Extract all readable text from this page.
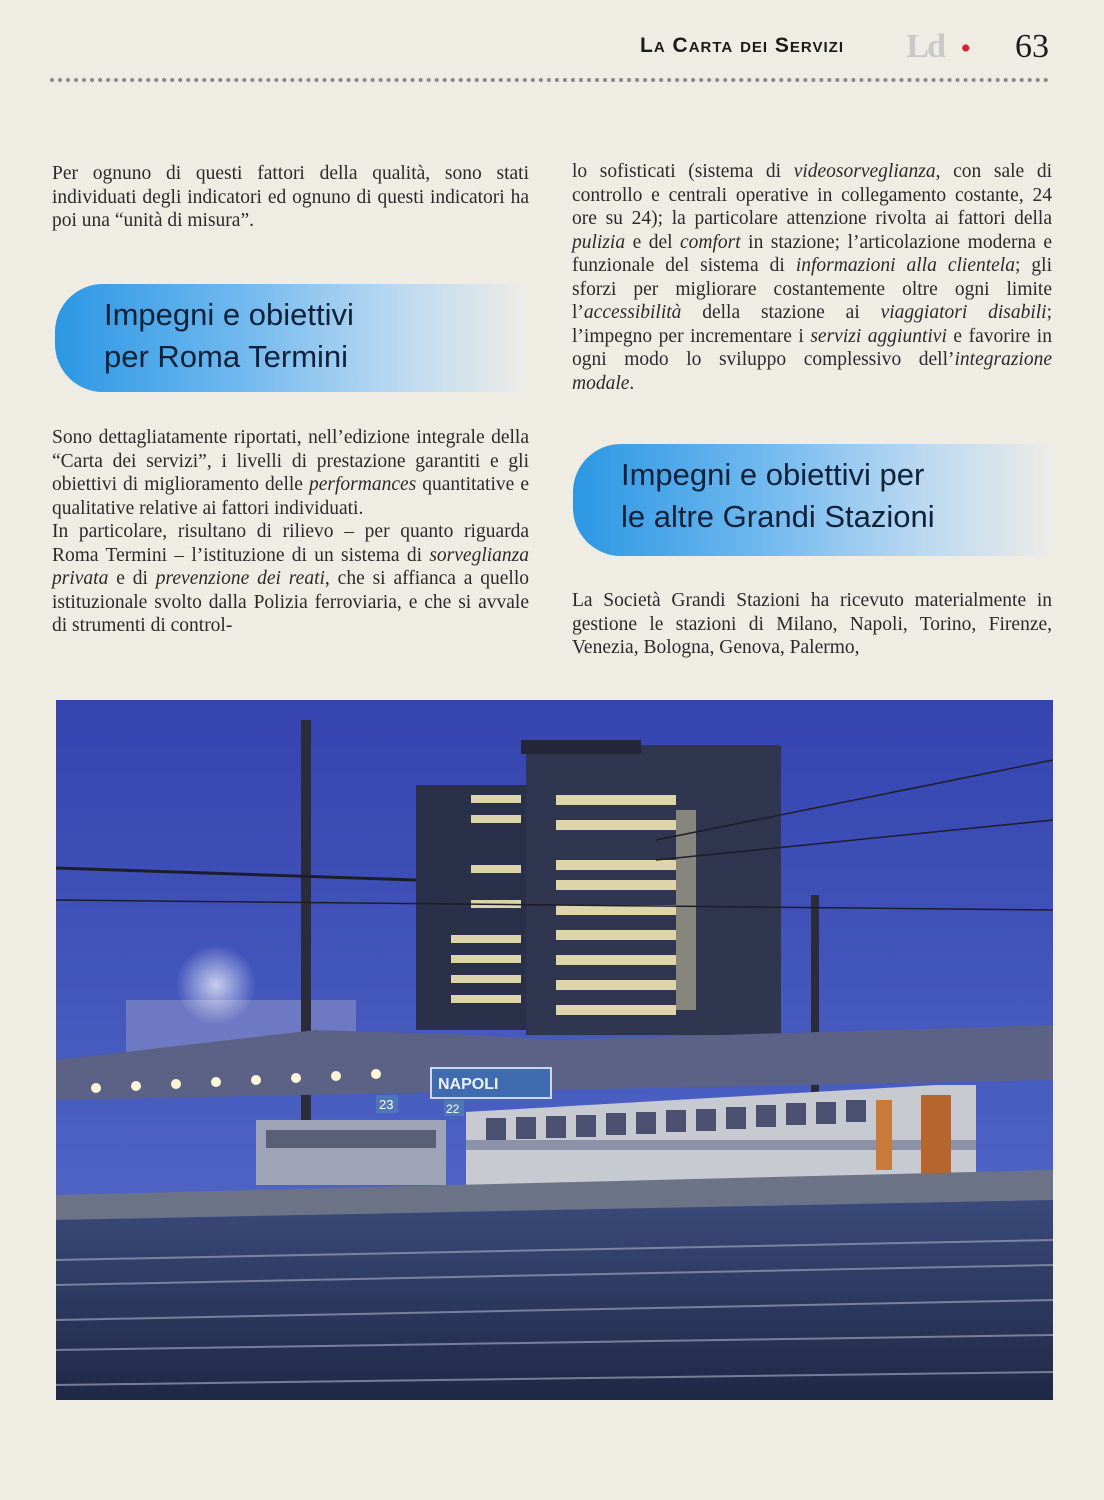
La Carta dei Servizi Ld • 63

Per ognuno di questi fattori della qualità, sono stati individuati degli indicatori ed ognuno di questi indicatori ha poi una “unità di misura”.

Impegni e obiettivi
per Roma Termini

Sono dettagliatamente riportati, nell’edizione integrale della “Carta dei servizi”, i livelli di prestazione garantiti e gli obiettivi di miglioramento delle performances quantitative e qualitative relative ai fattori individuati.

In particolare, risultano di rilievo – per quanto riguarda Roma Termini – l’istituzione di un sistema di sorveglianza privata e di prevenzione dei reati, che si affianca a quello istituzionale svolto dalla Polizia ferroviaria, e che si avvale di strumenti di control-

lo sofisticati (sistema di videosorveglianza, con sale di controllo e centrali operative in collegamento costante, 24 ore su 24); la particolare attenzione rivolta ai fattori della pulizia e del comfort in stazione; l’articolazione moderna e funzionale del sistema di informazioni alla clientela; gli sforzi per migliorare costantemente oltre ogni limite l’accessibilità della stazione ai viaggiatori disabili; l’impegno per incrementare i servizi aggiuntivi e favorire in ogni modo lo sviluppo complessivo dell’integrazione modale.

Impegni e obiettivi per
le altre Grandi Stazioni

La Società Grandi Stazioni ha ricevuto materialmente in gestione le stazioni di Milano, Napoli, Torino, Firenze, Venezia, Bologna, Genova, Palermo,

NAPOLI
23	22
